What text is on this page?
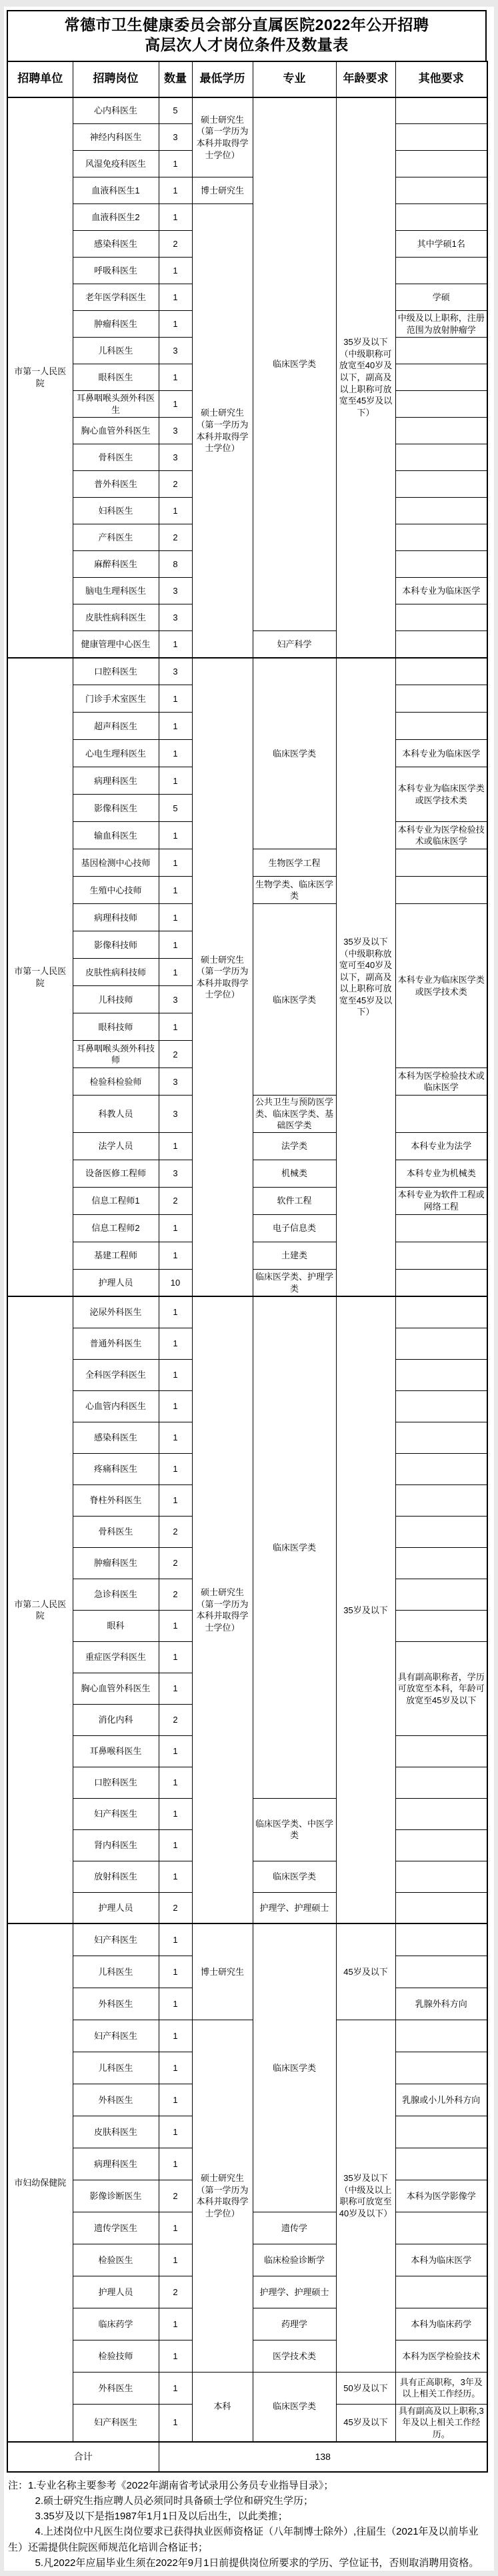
常德市卫生健康委员会部分直属医院2022年公开招聘
高层次人才岗位条件及数量表
招聘单位	招聘岗位	数量	最低学历	专业	年龄要求	其他要求
市第一人民医院	心内科医生	5	硕士研究生（第一学历为本科并取得学士学位）	临床医学类	35岁及以下（中级职称可放宽至40岁及以下，副高及以上职称可放宽至45岁及以下）	
	神经内科医生	3				
	风湿免疫科医生	1				
	血液科医生1	1	博士研究生			
	血液科医生2	1	硕士研究生（第一学历为本科并取得学士学位）			
	感染科医生	2				其中学硕1名
	呼吸科医生	1				
	老年医学科医生	1				学硕
	肿瘤科医生	1				中级及以上职称，注册范围为放射肿瘤学
	儿科医生	3				
	眼科医生	1				
	耳鼻咽喉头颈外科医生	1				
	胸心血管外科医生	3				
	骨科医生	3				
	普外科医生	2				
	妇科医生	1				
	产科医生	2				
	麻醉科医生	8				
	脑电生理科医生	3				本科专业为临床医学
	皮肤性病科医生	3				
	健康管理中心医生	1		妇产科学		
市第一人民医院	口腔科医生	3	硕士研究生（第一学历为本科并取得学士学位）	临床医学类	35岁及以下（中级职称放宽可至40岁及以下，副高及以上职称可放宽至45岁及以下）	
	门诊手术室医生	1				
	超声科医生	1				
	心电生理科医生	1				本科专业为临床医学
	病理科医生	1				本科专业为临床医学类或医学技术类
	影像科医生	5				
	输血科医生	1				本科专业为医学检验技术或临床医学
	基因检测中心技师	1		生物医学工程		
	生殖中心技师	1		生物学类、临床医学类		
	病理科技师	1		临床医学类		本科专业为临床医学类或医学技术类
	影像科技师	1				
	皮肤性病科技师	1				
	儿科技师	3				
	眼科技师	1				
	耳鼻咽喉头颈外科技师	2				
	检验科检验师	3				本科为医学检验技术或临床医学
	科教人员	3		公共卫生与预防医学类、临床医学类、基础医学类		
	法学人员	1		法学类		本科专业为法学
	设备医修工程师	3		机械类		本科专业为机械类
	信息工程师1	2		软件工程		本科专业为软件工程或网络工程
	信息工程师2	1		电子信息类		
	基建工程师	1		土建类		
	护理人员	10		临床医学类、护理学类		
市第二人民医院	泌尿外科医生	1	硕士研究生（第一学历为本科并取得学士学位）	临床医学类	35岁及以下	
	普通外科医生	1				
	全科医学科医生	1				
	心血管内科医生	1				
	感染科医生	1				
	疼痛科医生	1				
	脊柱外科医生	1				
	骨科医生	2				
	肿瘤科医生	2				
	急诊科医生	2				
	眼科	1				
	重症医学科医生	1				具有副高职称者，学历可放宽至本科，年龄可放宽至45岁及以下
	胸心血管外科医生	1				
	消化内科	2				
	耳鼻喉科医生	1				
	口腔科医生	1				
	妇产科医生	1		临床医学类、中医学类		
	肾内科医生	1				
	放射科医生	1		临床医学类		
	护理人员	2		护理学、护理硕士		
市妇幼保健院	妇产科医生	1	博士研究生	临床医学类	45岁及以下	
	儿科医生	1				
	外科医生	1				乳腺外科方向
	妇产科医生	1	硕士研究生（第一学历为本科并取得学士学位）		35岁及以下（中级及以上职称可放宽至40岁及以下）	
	儿科医生	1				
	外科医生	1				乳腺或小儿外科方向
	皮肤科医生	1				
	病理科医生	1				
	影像诊断医生	2				本科为医学影像学
	遗传学医生	1		遗传学		
	检验医生	1		临床检验诊断学		本科为临床医学
	护理人员	2		护理学、护理硕士		
	临床药学	1		药理学		本科为临床药学
	检验技师	1		医学技术类		本科为医学检验技术
	外科医生	1	本科	临床医学类	50岁及以下	具有正高职称，3年及以上相关工作经历。
	妇产科医生	1			45岁及以下	具有副高及以上职称,3年及以上相关工作经历。
合计		138				
注：1.专业名称主要参考《2022年湖南省考试录用公务员专业指导目录》；
2.硕士研究生指应聘人员必须同时具备硕士学位和研究生学历；
3.35岁及以下是指1987年1月1日及以后出生，以此类推；
4.上述岗位中凡医生岗位要求已获得执业医师资格证（八年制博士除外）,往届生（2021年及以前毕业生）还需提供住院医师规范化培训合格证书；
5.凡2022年应届毕业生须在2022年9月1日前提供岗位所要求的学历、学位证书，否则取消聘用资格。
